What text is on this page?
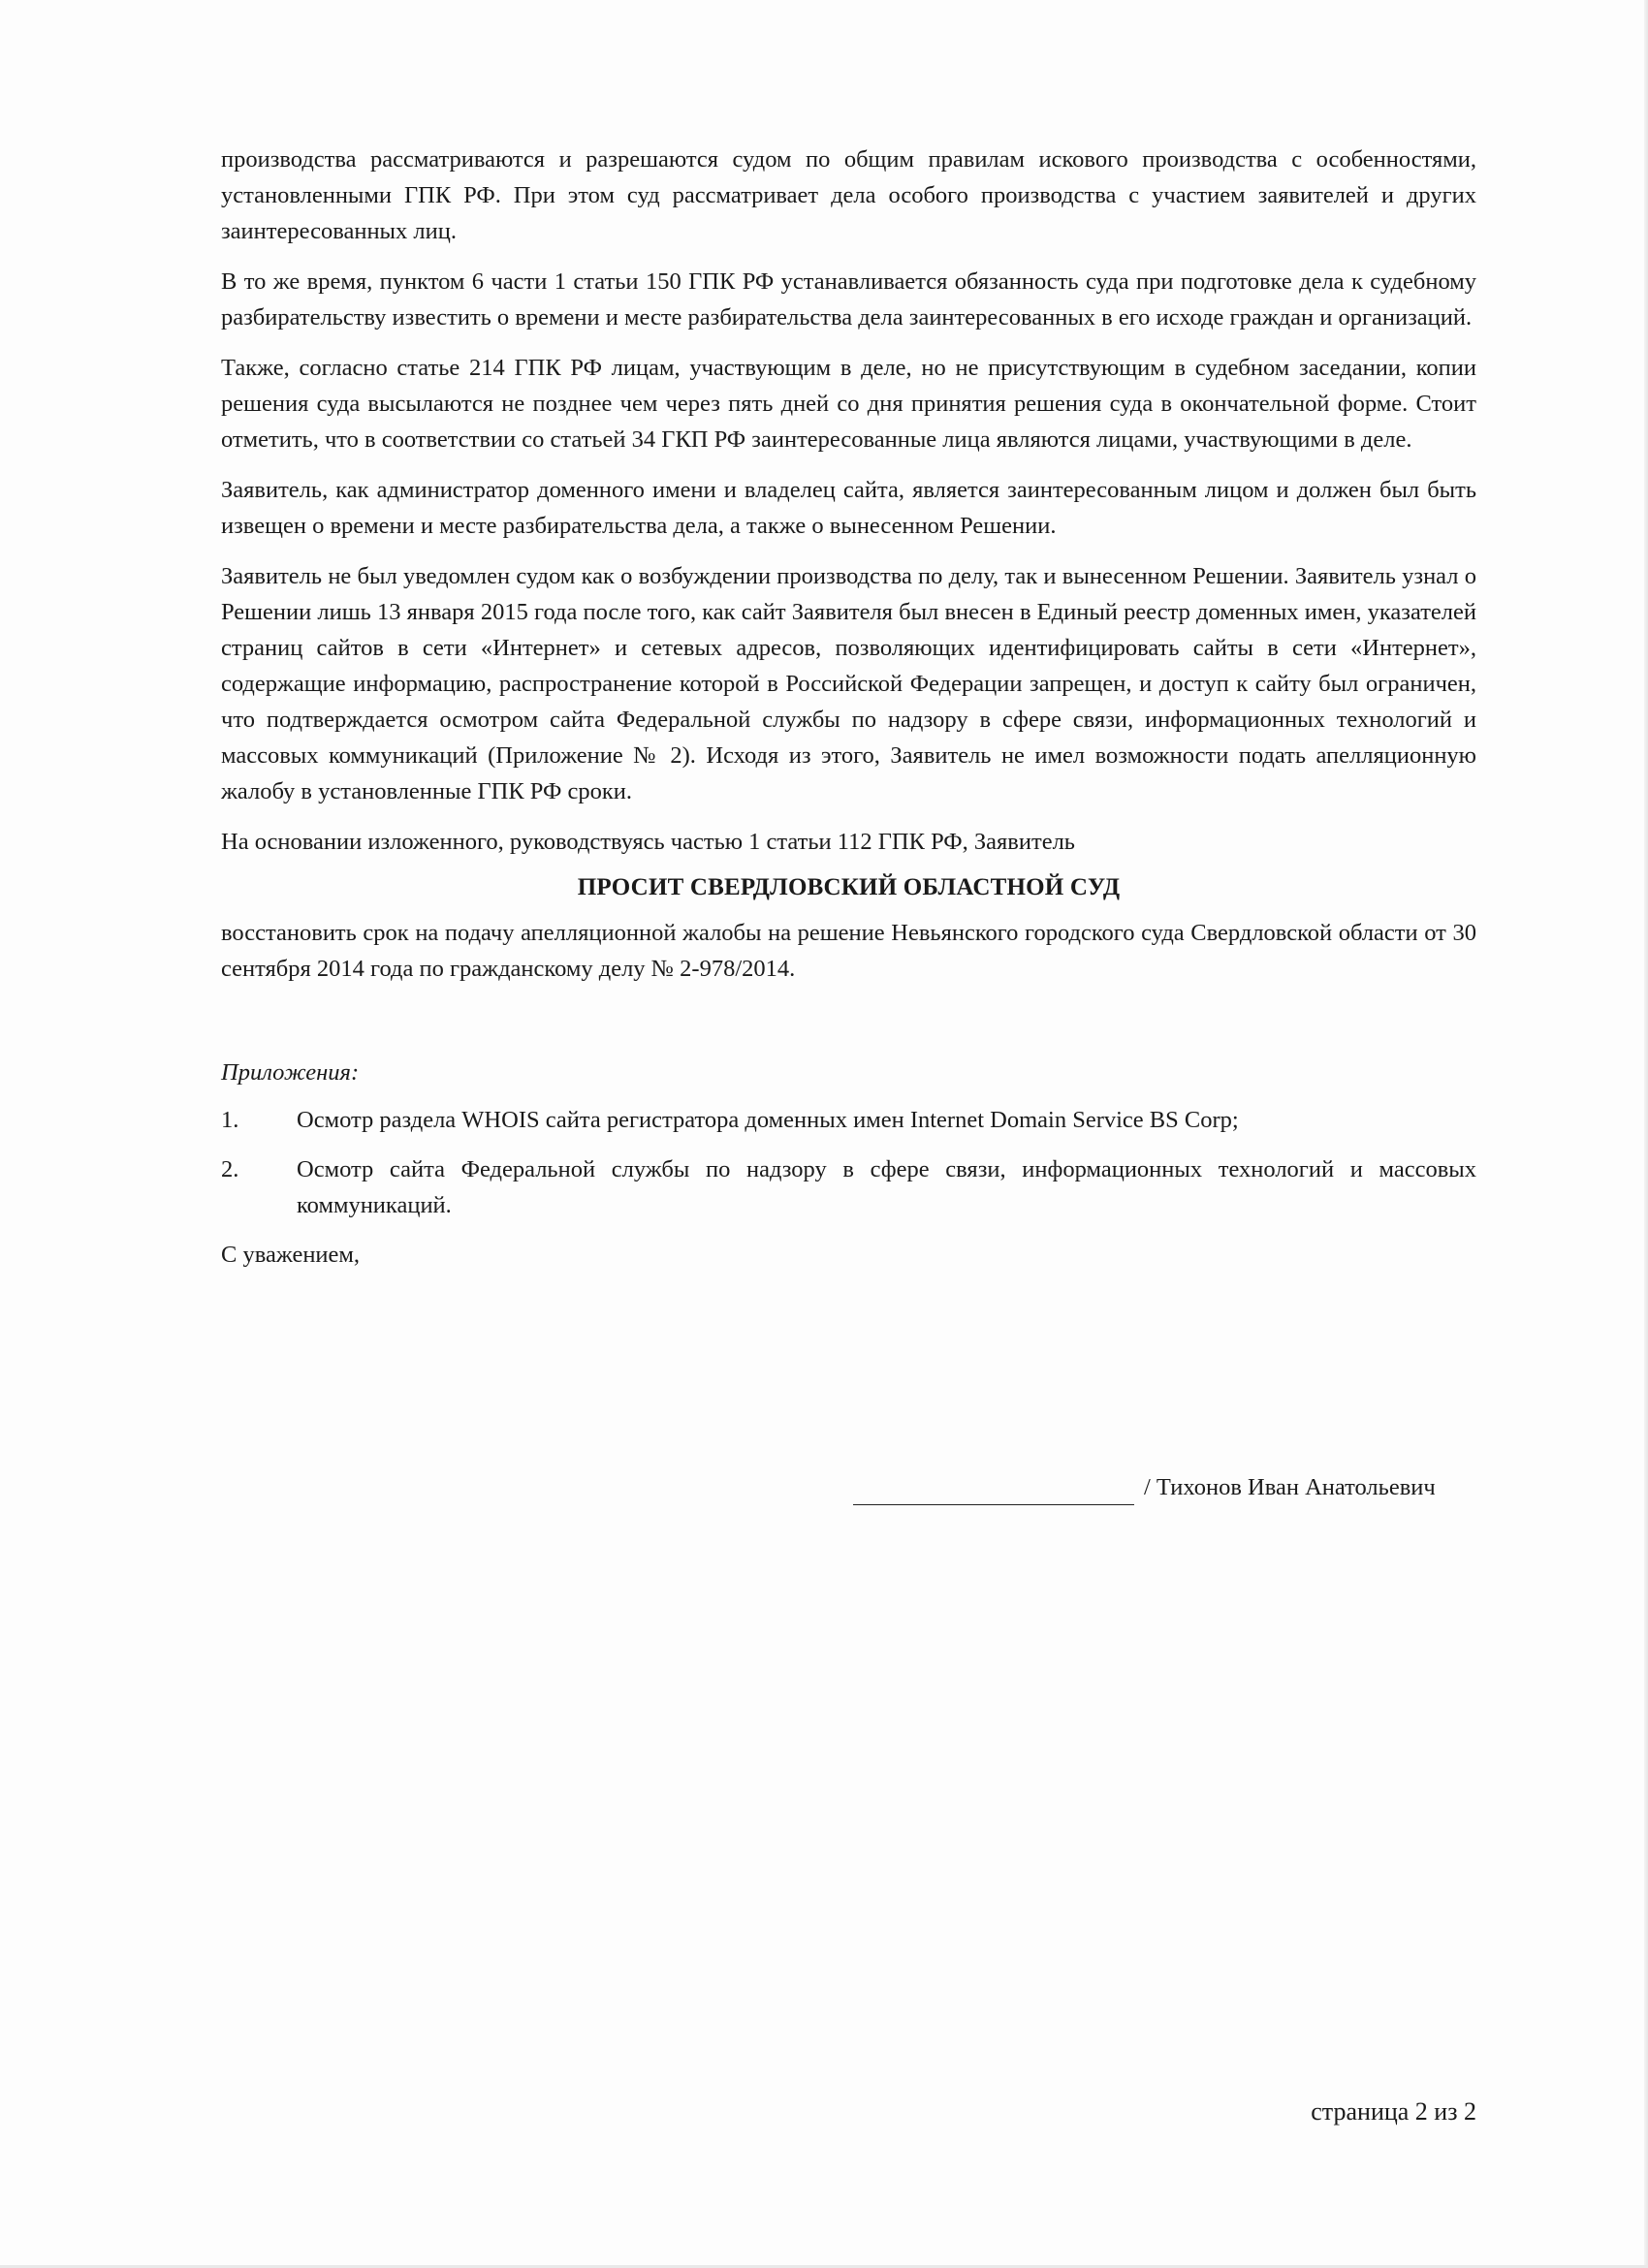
производства рассматриваются и разрешаются судом по общим правилам искового производства с особенностями, установленными ГПК РФ. При этом суд рассматривает дела особого производства с участием заявителей и других заинтересованных лиц.

В то же время, пунктом 6 части 1 статьи 150 ГПК РФ устанавливается обязанность суда при подготовке дела к судебному разбирательству известить о времени и месте разбирательства дела заинтересованных в его исходе граждан и организаций.

Также, согласно статье 214 ГПК РФ лицам, участвующим в деле, но не присутствующим в судебном заседании, копии решения суда высылаются не позднее чем через пять дней со дня принятия решения суда в окончательной форме. Стоит отметить, что в соответствии со статьей 34 ГКП РФ заинтересованные лица являются лицами, участвующими в деле.

Заявитель, как администратор доменного имени и владелец сайта, является заинтересованным лицом и должен был быть извещен о времени и месте разбирательства дела, а также о вынесенном Решении.

Заявитель не был уведомлен судом как о возбуждении производства по делу, так и вынесенном Решении. Заявитель узнал о Решении лишь 13 января 2015 года после того, как сайт Заявителя был внесен в Единый реестр доменных имен, указателей страниц сайтов в сети «Интернет» и сетевых адресов, позволяющих идентифицировать сайты в сети «Интернет», содержащие информацию, распространение которой в Российской Федерации запрещен, и доступ к сайту был ограничен, что подтверждается осмотром сайта Федеральной службы по надзору в сфере связи, информационных технологий и массовых коммуникаций (Приложение № 2). Исходя из этого, Заявитель не имел возможности подать апелляционную жалобу в установленные ГПК РФ сроки.

На основании изложенного, руководствуясь частью 1 статьи 112 ГПК РФ, Заявитель

ПРОСИТ СВЕРДЛОВСКИЙ ОБЛАСТНОЙ СУД

восстановить срок на подачу апелляционной жалобы на решение Невьянского городского суда Свердловской области от 30 сентября 2014 года по гражданскому делу № 2-978/2014.

Приложения:
1.	Осмотр раздела WHOIS сайта регистратора доменных имен Internet Domain Service BS Corp;
2.	Осмотр сайта Федеральной службы по надзору в сфере связи, информационных технологий и массовых коммуникаций.
С уважением,
/ Тихонов Иван Анатольевич
страница 2 из 2
